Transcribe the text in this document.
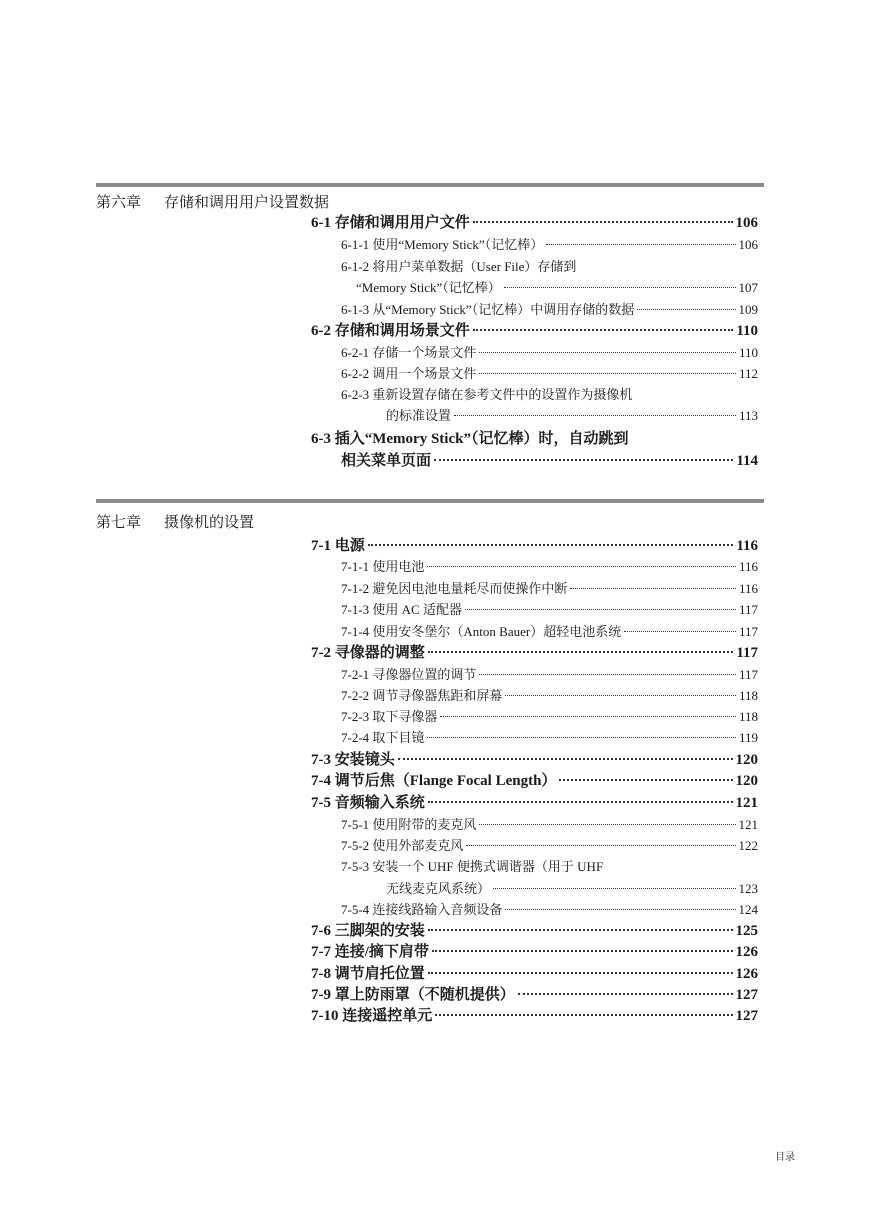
第六章 存储和调用用户设置数据
6-1 存储和调用用户文件	106
6-1-1 使用“Memory Stick”（记忆棒）	106
6-1-2 将用户菜单数据（User File）存储到
“Memory Stick”（记忆棒）	107
6-1-3 从“Memory Stick”（记忆棒）中调用存储的数据	109
6-2 存储和调用场景文件	110
6-2-1 存储一个场景文件	110
6-2-2 调用一个场景文件	112
6-2-3 重新设置存储在参考文件中的设置作为摄像机
的标准设置	113
6-3 插入“Memory Stick”（记忆棒）时，自动跳到
相关菜单页面	114
第七章 摄像机的设置
7-1 电源	116
7-1-1 使用电池	116
7-1-2 避免因电池电量耗尽而使操作中断	116
7-1-3 使用 AC 适配器	117
7-1-4 使用安冬堡尔（Anton Bauer）超轻电池系统	117
7-2 寻像器的调整	117
7-2-1 寻像器位置的调节	117
7-2-2 调节寻像器焦距和屏幕	118
7-2-3 取下寻像器	118
7-2-4 取下目镜	119
7-3 安装镜头	120
7-4 调节后焦（Flange Focal Length）	120
7-5 音频输入系统	121
7-5-1 使用附带的麦克风	121
7-5-2 使用外部麦克风	122
7-5-3 安装一个 UHF 便携式调谐器（用于 UHF
无线麦克风系统）	123
7-5-4 连接线路输入音频设备	124
7-6 三脚架的安装	125
7-7 连接/摘下肩带	126
7-8 调节肩托位置	126
7-9 罩上防雨罩（不随机提供）	127
7-10 连接遥控单元	127
目录
